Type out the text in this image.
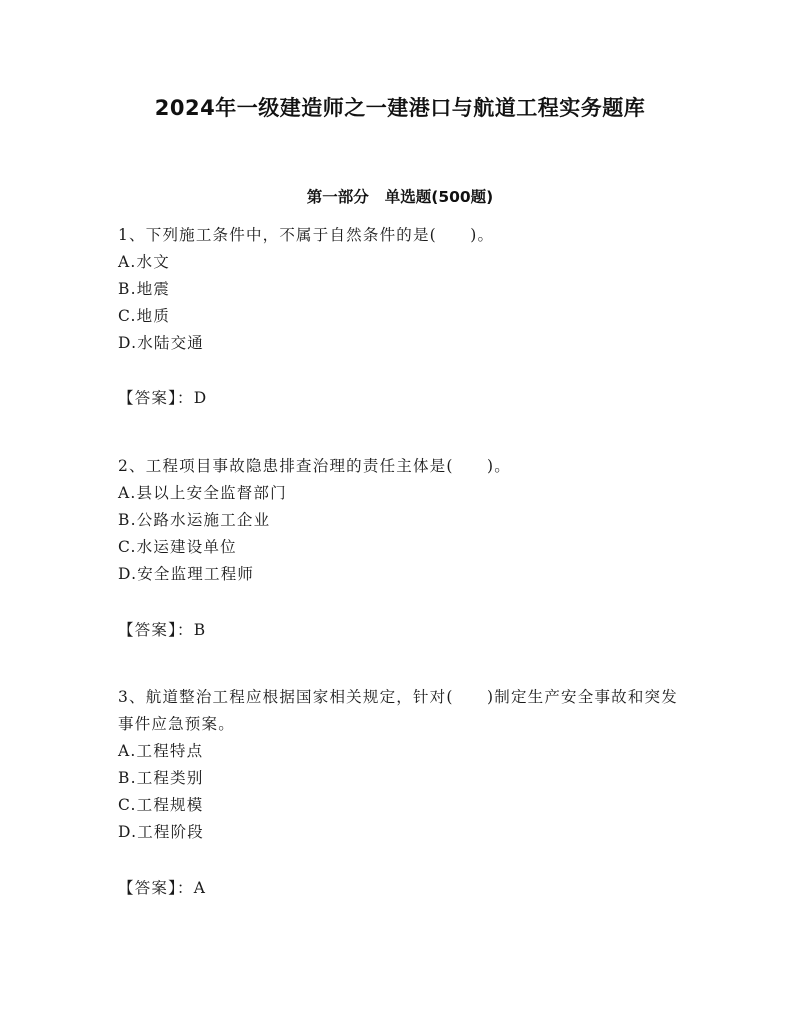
2024年一级建造师之一建港口与航道工程实务题库
第一部分 单选题(500题)
1、下列施工条件中，不属于自然条件的是(　　)。
A.水文
B.地震
C.地质
D.水陆交通
【答案】：D
2、工程项目事故隐患排查治理的责任主体是(　　)。
A.县以上安全监督部门
B.公路水运施工企业
C.水运建设单位
D.安全监理工程师
【答案】：B
3、航道整治工程应根据国家相关规定，针对(　　)制定生产安全事故和突发事件应急预案。
A.工程特点
B.工程类别
C.工程规模
D.工程阶段
【答案】：A
